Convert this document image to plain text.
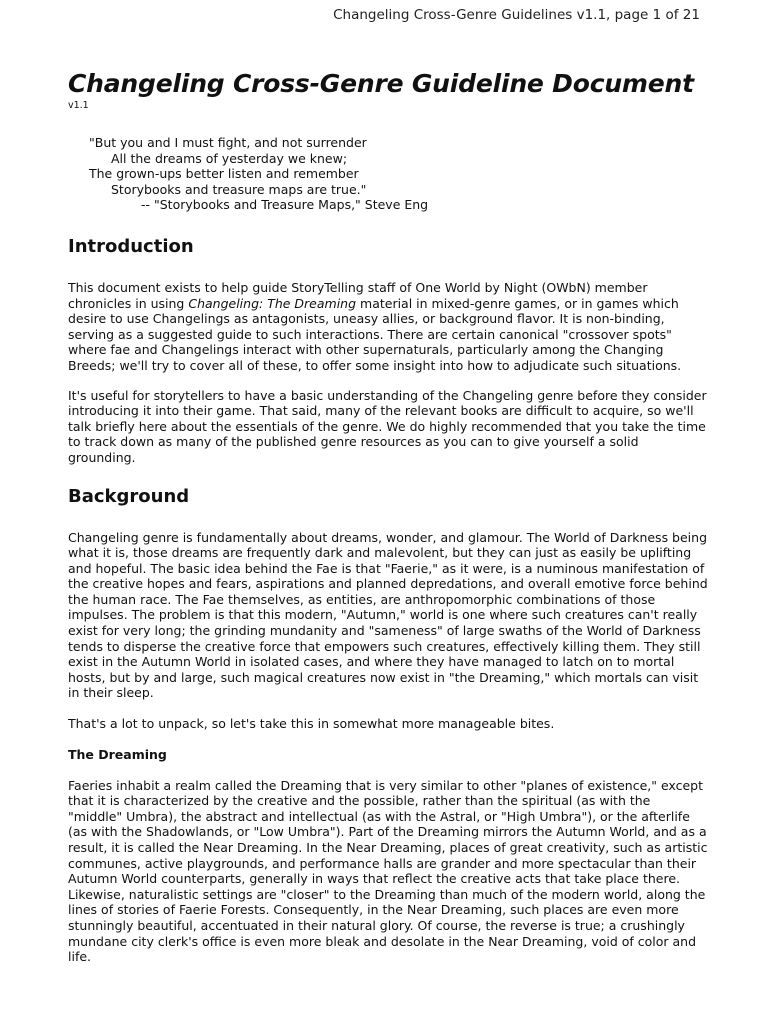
Changeling Cross-Genre Guidelines v1.1, page 1 of 21
Changeling Cross-Genre Guideline Document
v1.1
"But you and I must fight, and not surrender
All the dreams of yesterday we knew;
The grown-ups better listen and remember
Storybooks and treasure maps are true."
-- "Storybooks and Treasure Maps," Steve Eng
Introduction

This document exists to help guide StoryTelling staff of One World by Night (OWbN) member chronicles in using Changeling: The Dreaming material in mixed-genre games, or in games which desire to use Changelings as antagonists, uneasy allies, or background flavor. It is non-binding, serving as a suggested guide to such interactions. There are certain canonical "crossover spots" where fae and Changelings interact with other supernaturals, particularly among the Changing Breeds; we'll try to cover all of these, to offer some insight into how to adjudicate such situations.

It's useful for storytellers to have a basic understanding of the Changeling genre before they consider introducing it into their game. That said, many of the relevant books are difficult to acquire, so we'll talk briefly here about the essentials of the genre. We do highly recommended that you take the time to track down as many of the published genre resources as you can to give yourself a solid grounding.

Background

Changeling genre is fundamentally about dreams, wonder, and glamour. The World of Darkness being what it is, those dreams are frequently dark and malevolent, but they can just as easily be uplifting and hopeful. The basic idea behind the Fae is that "Faerie," as it were, is a numinous manifestation of the creative hopes and fears, aspirations and planned depredations, and overall emotive force behind the human race. The Fae themselves, as entities, are anthropomorphic combinations of those impulses. The problem is that this modern, "Autumn," world is one where such creatures can't really exist for very long; the grinding mundanity and "sameness" of large swaths of the World of Darkness tends to disperse the creative force that empowers such creatures, effectively killing them. They still exist in the Autumn World in isolated cases, and where they have managed to latch on to mortal hosts, but by and large, such magical creatures now exist in "the Dreaming," which mortals can visit in their sleep.

That's a lot to unpack, so let's take this in somewhat more manageable bites.

The Dreaming

Faeries inhabit a realm called the Dreaming that is very similar to other "planes of existence," except that it is characterized by the creative and the possible, rather than the spiritual (as with the "middle" Umbra), the abstract and intellectual (as with the Astral, or "High Umbra"), or the afterlife (as with the Shadowlands, or "Low Umbra"). Part of the Dreaming mirrors the Autumn World, and as a result, it is called the Near Dreaming. In the Near Dreaming, places of great creativity, such as artistic communes, active playgrounds, and performance halls are grander and more spectacular than their Autumn World counterparts, generally in ways that reflect the creative acts that take place there. Likewise, naturalistic settings are "closer" to the Dreaming than much of the modern world, along the lines of stories of Faerie Forests. Consequently, in the Near Dreaming, such places are even more stunningly beautiful, accentuated in their natural glory. Of course, the reverse is true; a crushingly mundane city clerk's office is even more bleak and desolate in the Near Dreaming, void of color and life.
